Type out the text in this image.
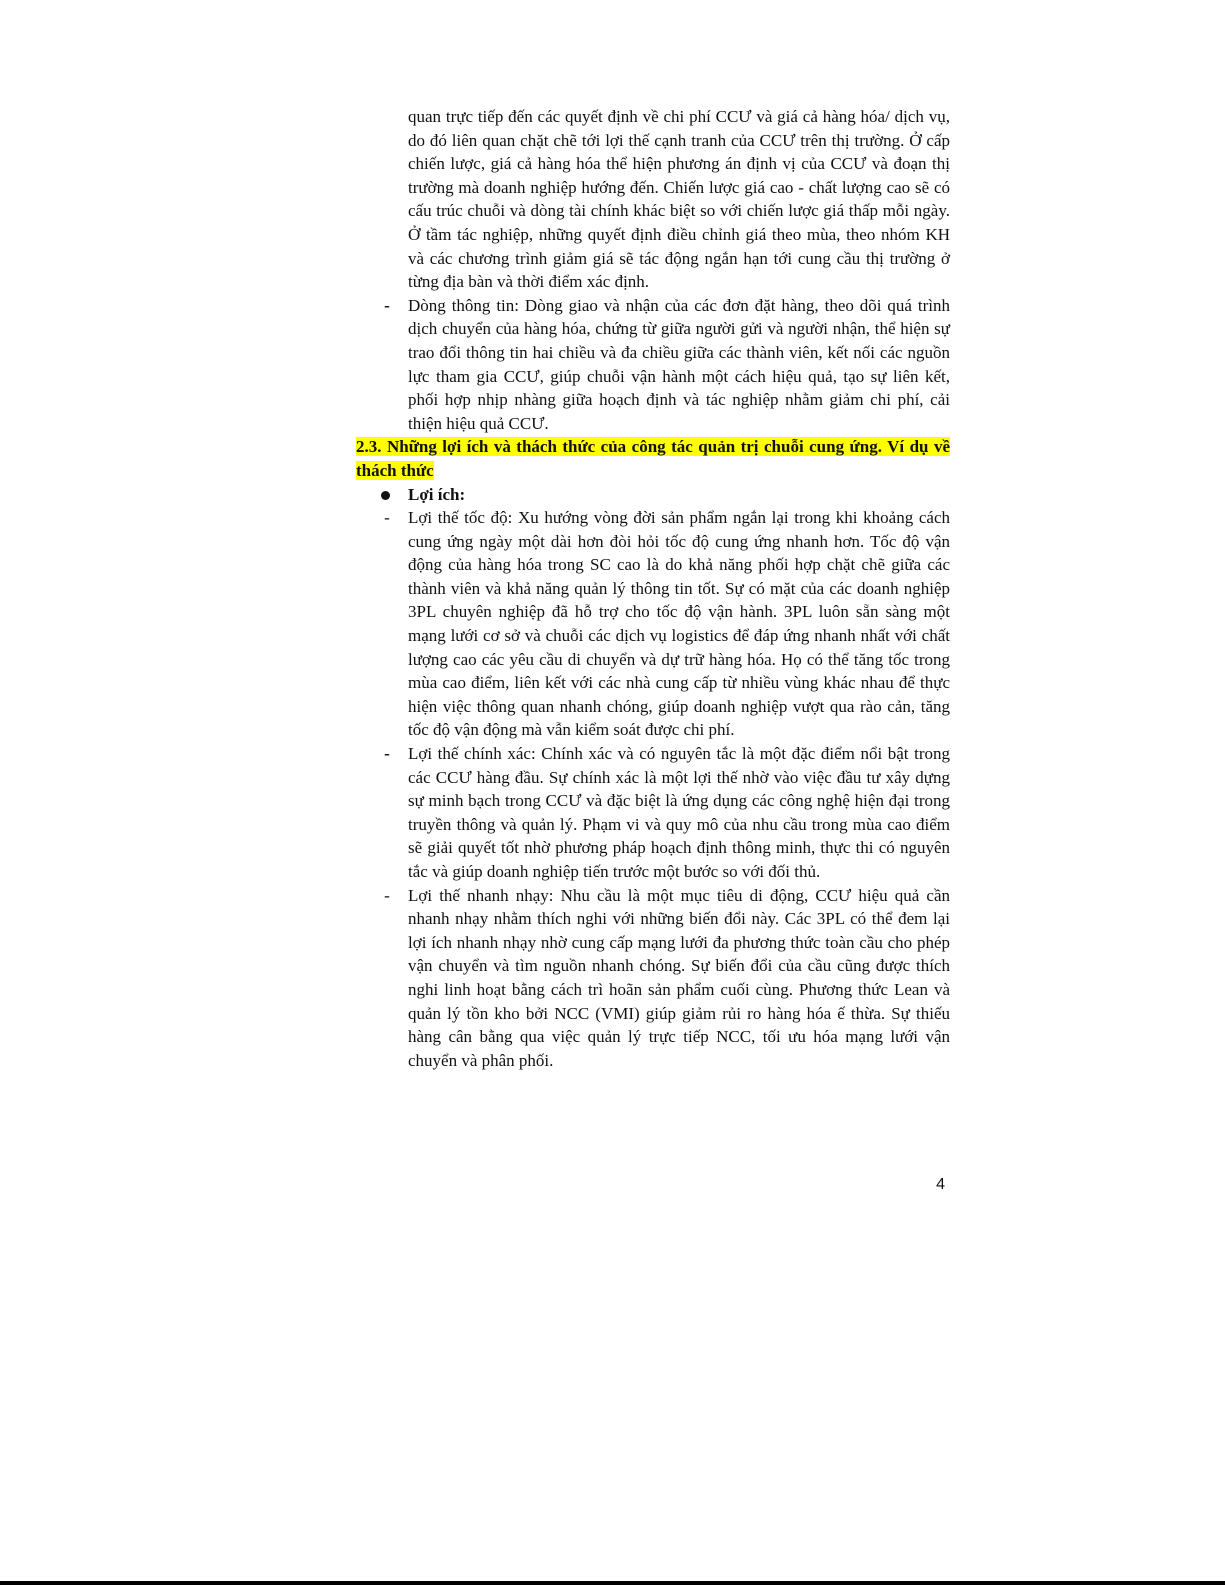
quan trực tiếp đến các quyết định về chi phí CCƯ và giá cả hàng hóa/ dịch vụ, do đó liên quan chặt chẽ tới lợi thế cạnh tranh của CCƯ trên thị trường. Ở cấp chiến lược, giá cả hàng hóa thể hiện phương án định vị của CCƯ và đoạn thị trường mà doanh nghiệp hướng đến. Chiến lược giá cao - chất lượng cao sẽ có cấu trúc chuỗi và dòng tài chính khác biệt so với chiến lược giá thấp mỗi ngày. Ở tầm tác nghiệp, những quyết định điều chỉnh giá theo mùa, theo nhóm KH và các chương trình giảm giá sẽ tác động ngắn hạn tới cung cầu thị trường ở từng địa bàn và thời điểm xác định.

- Dòng thông tin: Dòng giao và nhận của các đơn đặt hàng, theo dõi quá trình dịch chuyển của hàng hóa, chứng từ giữa người gửi và người nhận, thể hiện sự trao đổi thông tin hai chiều và đa chiều giữa các thành viên, kết nối các nguồn lực tham gia CCƯ, giúp chuỗi vận hành một cách hiệu quả, tạo sự liên kết, phối hợp nhịp nhàng giữa hoạch định và tác nghiệp nhằm giảm chi phí, cải thiện hiệu quả CCƯ.

2.3. Những lợi ích và thách thức của công tác quản trị chuỗi cung ứng. Ví dụ về thách thức

Lợi ích:
- Lợi thế tốc độ: Xu hướng vòng đời sản phẩm ngắn lại trong khi khoảng cách cung ứng ngày một dài hơn đòi hỏi tốc độ cung ứng nhanh hơn. Tốc độ vận động của hàng hóa trong SC cao là do khả năng phối hợp chặt chẽ giữa các thành viên và khả năng quản lý thông tin tốt. Sự có mặt của các doanh nghiệp 3PL chuyên nghiệp đã hỗ trợ cho tốc độ vận hành. 3PL luôn sẵn sàng một mạng lưới cơ sở và chuỗi các dịch vụ logistics để đáp ứng nhanh nhất với chất lượng cao các yêu cầu di chuyển và dự trữ hàng hóa. Họ có thể tăng tốc trong mùa cao điểm, liên kết với các nhà cung cấp từ nhiều vùng khác nhau để thực hiện việc thông quan nhanh chóng, giúp doanh nghiệp vượt qua rào cản, tăng tốc độ vận động mà vẫn kiểm soát được chi phí.
- Lợi thế chính xác: Chính xác và có nguyên tắc là một đặc điểm nổi bật trong các CCƯ hàng đầu. Sự chính xác là một lợi thế nhờ vào việc đầu tư xây dựng sự minh bạch trong CCƯ và đặc biệt là ứng dụng các công nghệ hiện đại trong truyền thông và quản lý. Phạm vi và quy mô của nhu cầu trong mùa cao điểm sẽ giải quyết tốt nhờ phương pháp hoạch định thông minh, thực thi có nguyên tắc và giúp doanh nghiệp tiến trước một bước so với đối thủ.
- Lợi thế nhanh nhạy: Nhu cầu là một mục tiêu di động, CCƯ hiệu quả cần nhanh nhạy nhằm thích nghi với những biến đổi này. Các 3PL có thể đem lại lợi ích nhanh nhạy nhờ cung cấp mạng lưới đa phương thức toàn cầu cho phép vận chuyển và tìm nguồn nhanh chóng. Sự biến đổi của cầu cũng được thích nghi linh hoạt bằng cách trì hoãn sản phẩm cuối cùng. Phương thức Lean và quản lý tồn kho bởi NCC (VMI) giúp giảm rủi ro hàng hóa ế thừa. Sự thiếu hàng cân bằng qua việc quản lý trực tiếp NCC, tối ưu hóa mạng lưới vận chuyển và phân phối.
4
